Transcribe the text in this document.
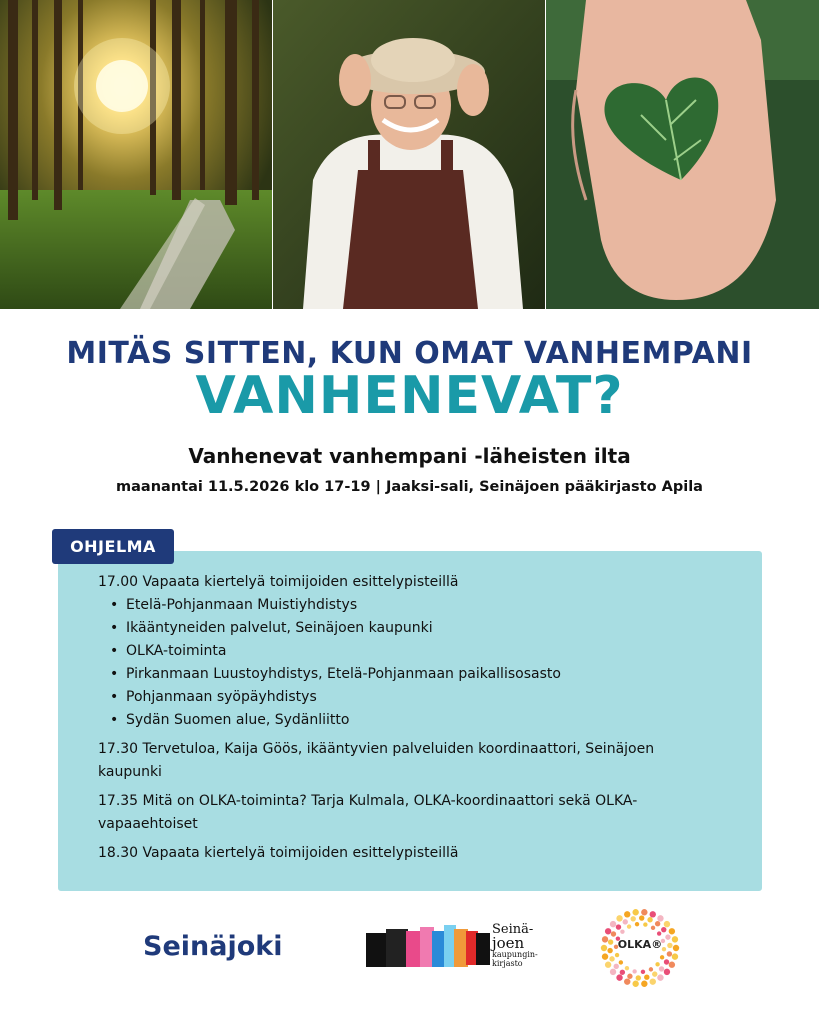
MITÄS SITTEN, KUN OMAT VANHEMPANI
VANHENEVAT?
Vanhenevat vanhempani -läheisten ilta
maanantai 11.5.2026 klo 17-19 | Jaaksi-sali, Seinäjoen pääkirjasto Apila
OHJELMA

17.00 Vapaata kiertelyä toimijoiden esittelypisteillä

• Etelä-Pohjanmaan Muistiyhdistys
• Ikääntyneiden palvelut, Seinäjoen kaupunki
• OLKA-toiminta
• Pirkanmaan Luustoyhdistys, Etelä-Pohjanmaan paikallisosasto
• Pohjanmaan syöpäyhdistys
• Sydän Suomen alue, Sydänliitto

17.30 Tervetuloa, Kaija Göös, ikääntyvien palveluiden koordinaattori, Seinäjoen

kaupunki

17.35 Mitä on OLKA-toiminta? Tarja Kulmala, OLKA-koordinaattori sekä OLKA-

vapaaehtoiset

18.30 Vapaata kiertelyä toimijoiden esittelypisteillä

Seinäjoki
Seinä-
joen
kaupungin-
kirjasto
OLKA®
